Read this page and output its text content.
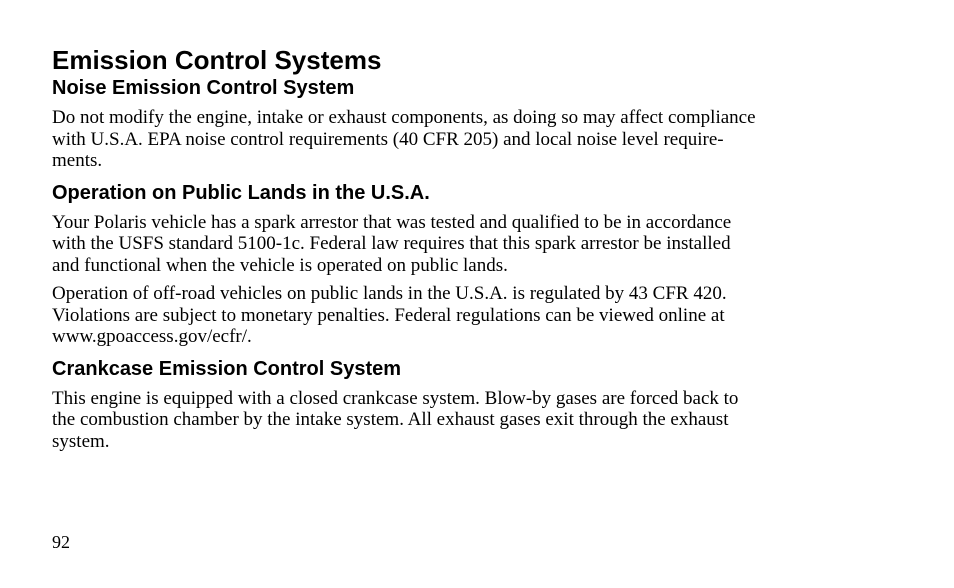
Emission Control Systems
Noise Emission Control System

Do not modify the engine, intake or exhaust components, as doing so may affect compliance
with U.S.A. EPA noise control requirements (40 CFR 205) and local noise level require-
ments.

Operation on Public Lands in the U.S.A.

Your Polaris vehicle has a spark arrestor that was tested and qualified to be in accordance
with the USFS standard 5100-1c. Federal law requires that this spark arrestor be installed
and functional when the vehicle is operated on public lands.

Operation of off-road vehicles on public lands in the U.S.A. is regulated by 43 CFR 420.
Violations are subject to monetary penalties. Federal regulations can be viewed online at
www.gpoaccess.gov/ecfr/.

Crankcase Emission Control System

This engine is equipped with a closed crankcase system. Blow-by gases are forced back to
the combustion chamber by the intake system. All exhaust gases exit through the exhaust
system.

92
